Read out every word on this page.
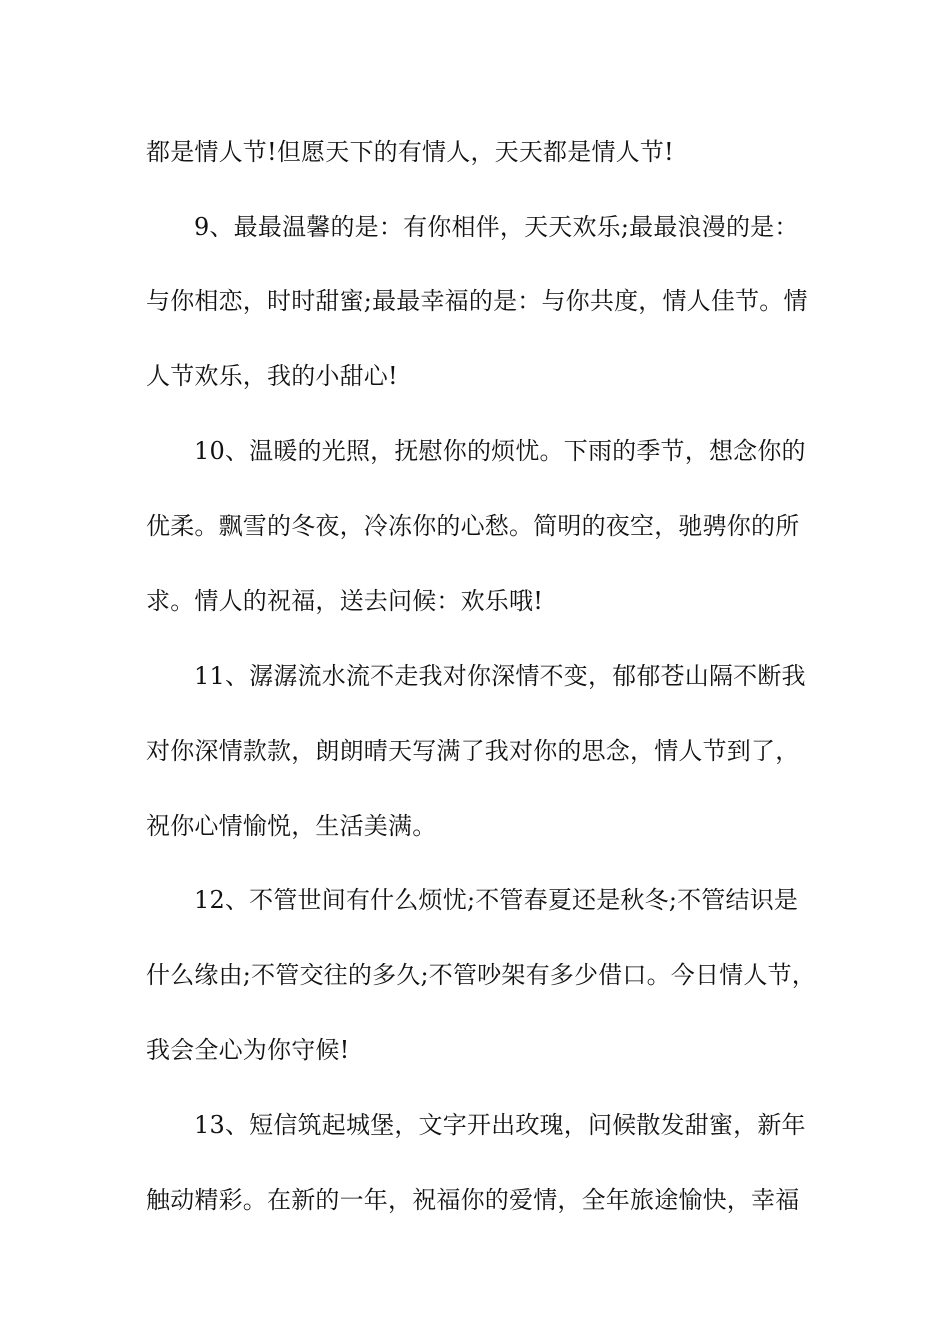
都是情人节!但愿天下的有情人，天天都是情人节!
9、最最温馨的是：有你相伴，天天欢乐;最最浪漫的是：
与你相恋，时时甜蜜;最最幸福的是：与你共度，情人佳节。情
人节欢乐，我的小甜心!
10、温暖的光照，抚慰你的烦忧。下雨的季节，想念你的
优柔。飘雪的冬夜，冷冻你的心愁。简明的夜空，驰骋你的所
求。情人的祝福，送去问候：欢乐哦!
11、潺潺流水流不走我对你深情不变，郁郁苍山隔不断我
对你深情款款，朗朗晴天写满了我对你的思念，情人节到了，
祝你心情愉悦，生活美满。
12、不管世间有什么烦忧;不管春夏还是秋冬;不管结识是
什么缘由;不管交往的多久;不管吵架有多少借口。今日情人节，
我会全心为你守候!
13、短信筑起城堡，文字开出玫瑰，问候散发甜蜜，新年
触动精彩。在新的一年，祝福你的爱情，全年旅途愉快，幸福
